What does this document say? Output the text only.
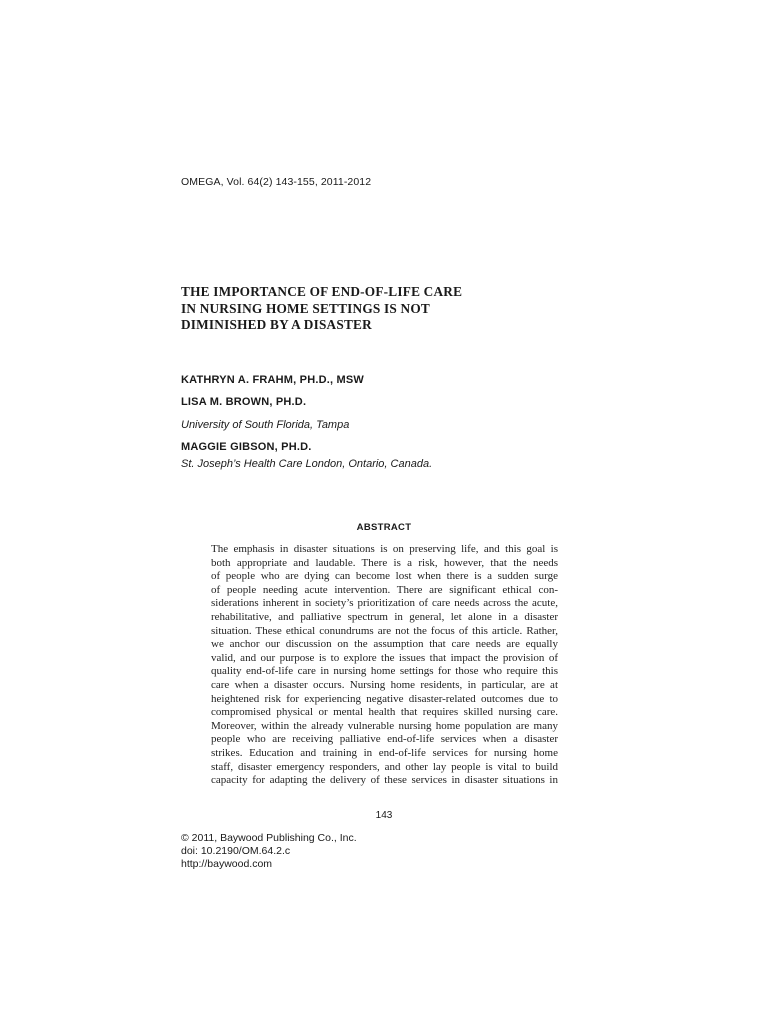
OMEGA, Vol. 64(2) 143-155, 2011-2012
THE IMPORTANCE OF END-OF-LIFE CARE
IN NURSING HOME SETTINGS IS NOT
DIMINISHED BY A DISASTER
KATHRYN A. FRAHM, PH.D., MSW
LISA M. BROWN, PH.D.
University of South Florida, Tampa
MAGGIE GIBSON, PH.D.
St. Joseph’s Health Care London, Ontario, Canada.
ABSTRACT
The emphasis in disaster situations is on preserving life, and this goal is
both appropriate and laudable. There is a risk, however, that the needs
of people who are dying can become lost when there is a sudden surge
of people needing acute intervention. There are significant ethical con-
siderations inherent in society’s prioritization of care needs across the acute,
rehabilitative, and palliative spectrum in general, let alone in a disaster
situation. These ethical conundrums are not the focus of this article. Rather,
we anchor our discussion on the assumption that care needs are equally
valid, and our purpose is to explore the issues that impact the provision of
quality end-of-life care in nursing home settings for those who require this
care when a disaster occurs. Nursing home residents, in particular, are at
heightened risk for experiencing negative disaster-related outcomes due to
compromised physical or mental health that requires skilled nursing care.
Moreover, within the already vulnerable nursing home population are many
people who are receiving palliative end-of-life services when a disaster
strikes. Education and training in end-of-life services for nursing home
staff, disaster emergency responders, and other lay people is vital to build
capacity for adapting the delivery of these services in disaster situations in
143
© 2011, Baywood Publishing Co., Inc.
doi: 10.2190/OM.64.2.c
http://baywood.com
